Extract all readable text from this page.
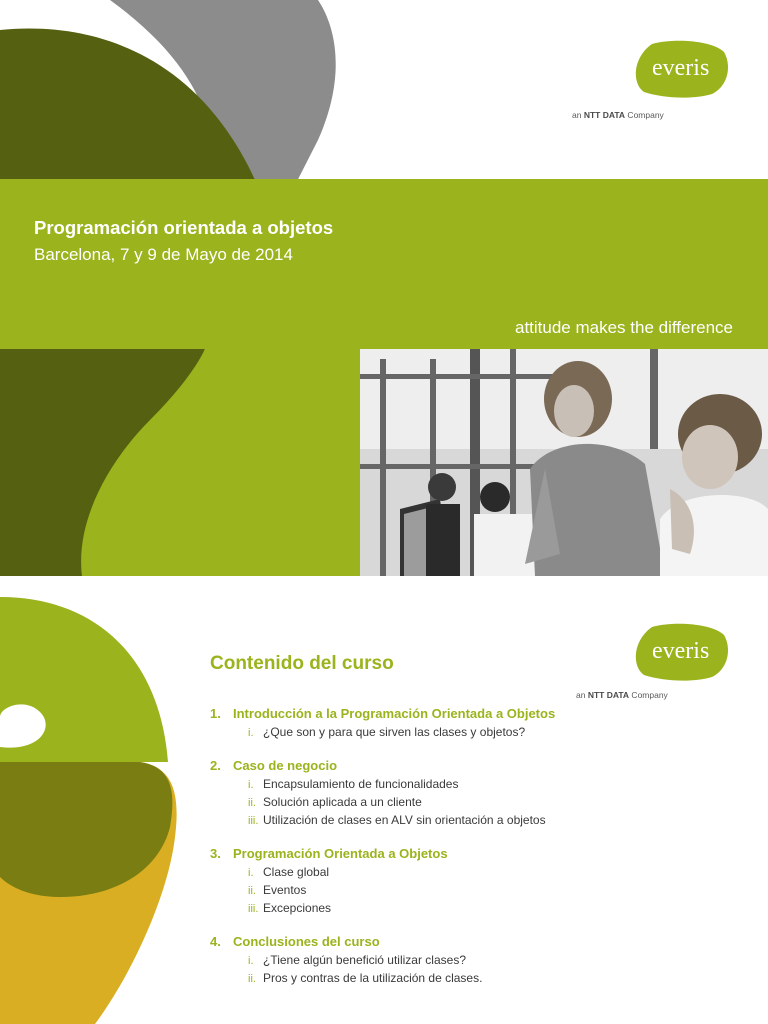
Programación orientada a objetos
Barcelona, 7 y 9 de Mayo de 2014
attitude makes the difference
everis
an NTT DATA Company
everis
an NTT DATA Company
Contenido del curso
1. Introducción a la Programación Orientada a Objetos
i. ¿Que son y para que sirven las clases y objetos?
2. Caso de negocio
i. Encapsulamiento de funcionalidades
ii. Solución aplicada a un cliente
iii. Utilización de clases en ALV sin orientación a objetos
3. Programación Orientada a Objetos
i. Clase global
ii. Eventos
iii. Excepciones
4. Conclusiones del curso
i. ¿Tiene algún benefició utilizar clases?
ii. Pros y contras de la utilización de clases.
